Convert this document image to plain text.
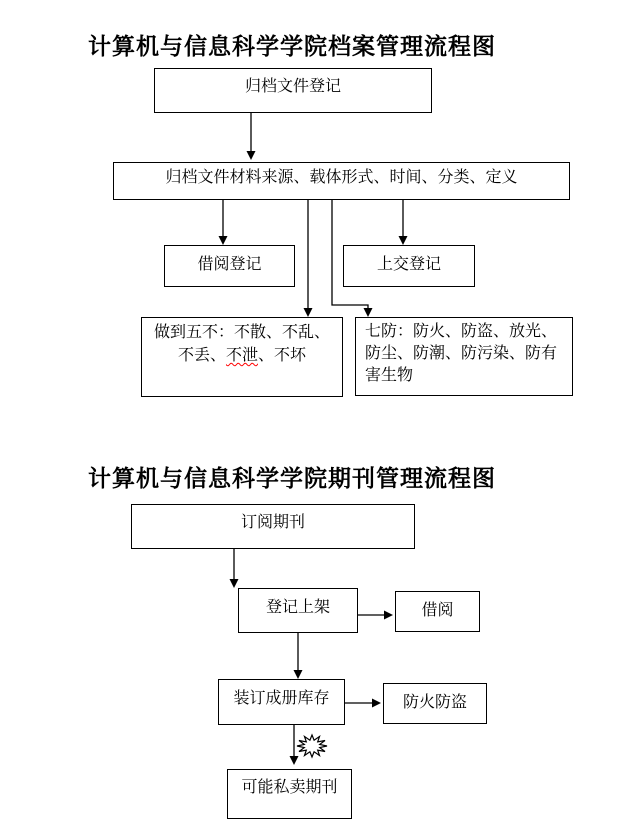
计算机与信息科学学院档案管理流程图
归档文件登记
归档文件材料来源、载体形式、时间、分类、定义
借阅登记	上交登记
做到五不：不散、不乱、
不丢、不泄、不坏
七防：防火、防盗、放光、
防尘、防潮、防污染、防有
害生物
计算机与信息科学学院期刊管理流程图
订阅期刊
登记上架	借阅
装订成册库存	防火防盗
可能私卖期刊
